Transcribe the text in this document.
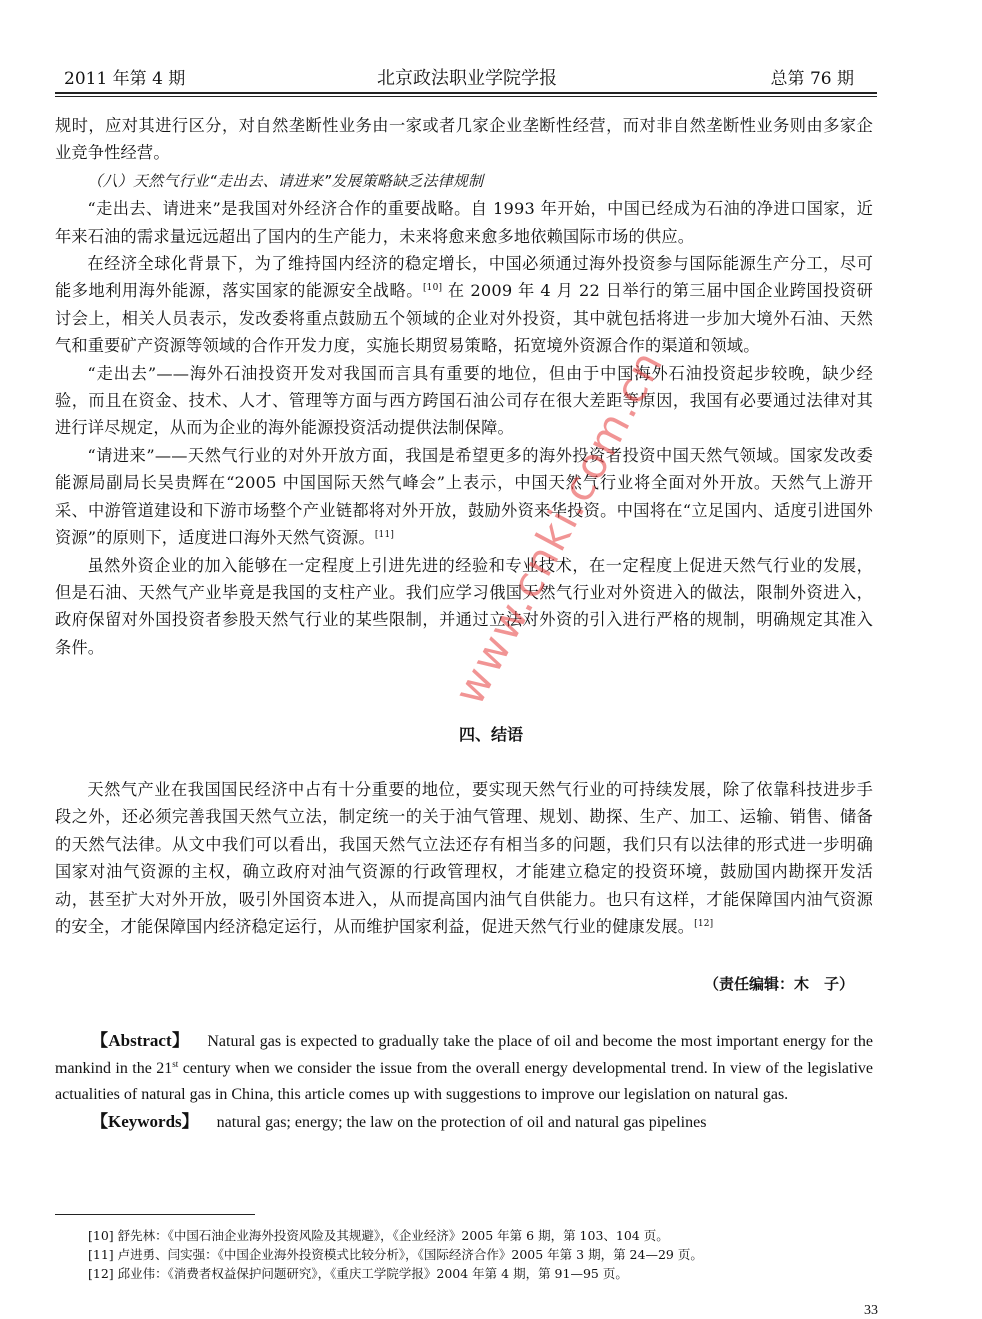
2011 年第 4 期	北京政法职业学院学报	总第 76 期

规时，应对其进行区分，对自然垄断性业务由一家或者几家企业垄断性经营，而对非自然垄断性业务则由多家企业竞争性经营。

（八）天然气行业“走出去、请进来”发展策略缺乏法律规制

“走出去、请进来”是我国对外经济合作的重要战略。自 1993 年开始，中国已经成为石油的净进口国家，近年来石油的需求量远远超出了国内的生产能力，未来将愈来愈多地依赖国际市场的供应。

在经济全球化背景下，为了维持国内经济的稳定增长，中国必须通过海外投资参与国际能源生产分工，尽可能多地利用海外能源，落实国家的能源安全战略。[10] 在 2009 年 4 月 22 日举行的第三届中国企业跨国投资研讨会上，相关人员表示，发改委将重点鼓励五个领域的企业对外投资，其中就包括将进一步加大境外石油、天然气和重要矿产资源等领域的合作开发力度，实施长期贸易策略，拓宽境外资源合作的渠道和领域。

“走出去”——海外石油投资开发对我国而言具有重要的地位，但由于中国海外石油投资起步较晚，缺少经验，而且在资金、技术、人才、管理等方面与西方跨国石油公司存在很大差距等原因，我国有必要通过法律对其进行详尽规定，从而为企业的海外能源投资活动提供法制保障。

“请进来”——天然气行业的对外开放方面，我国是希望更多的海外投资者投资中国天然气领域。国家发改委能源局副局长吴贵辉在“2005 中国国际天然气峰会”上表示，中国天然气行业将全面对外开放。天然气上游开采、中游管道建设和下游市场整个产业链都将对外开放，鼓励外资来华投资。中国将在“立足国内、适度引进国外资源”的原则下，适度进口海外天然气资源。[11]

虽然外资企业的加入能够在一定程度上引进先进的经验和专业技术，在一定程度上促进天然气行业的发展，但是石油、天然气产业毕竟是我国的支柱产业。我们应学习俄国天然气行业对外资进入的做法，限制外资进入，政府保留对外国投资者参股天然气行业的某些限制，并通过立法对外资的引入进行严格的规制，明确规定其准入条件。

四、结语

天然气产业在我国国民经济中占有十分重要的地位，要实现天然气行业的可持续发展，除了依靠科技进步手段之外，还必须完善我国天然气立法，制定统一的关于油气管理、规划、勘探、生产、加工、运输、销售、储备的天然气法律。从文中我们可以看出，我国天然气立法还存有相当多的问题，我们只有以法律的形式进一步明确国家对油气资源的主权，确立政府对油气资源的行政管理权，才能建立稳定的投资环境，鼓励国内勘探开发活动，甚至扩大对外开放，吸引外国资本进入，从而提高国内油气自供能力。也只有这样，才能保障国内油气资源的安全，才能保障国内经济稳定运行，从而维护国家利益，促进天然气行业的健康发展。[12]

（责任编辑：木　子）

【Abstract】 Natural gas is expected to gradually take the place of oil and become the most important energy for the mankind in the 21st century when we consider the issue from the overall energy developmental trend. In view of the legislative actualities of natural gas in China, this article comes up with suggestions to improve our legislation on natural gas.

【Keywords】 natural gas; energy; the law on the protection of oil and natural gas pipelines

[10] 舒先林：《中国石油企业海外投资风险及其规避》，《企业经济》2005 年第 6 期，第 103、104 页。
[11] 卢进勇、闫实强：《中国企业海外投资模式比较分析》，《国际经济合作》2005 年第 3 期，第 24—29 页。
[12] 邱业伟：《消费者权益保护问题研究》，《重庆工学院学报》2004 年第 4 期，第 91—95 页。
www.cnki.com.cn
33
